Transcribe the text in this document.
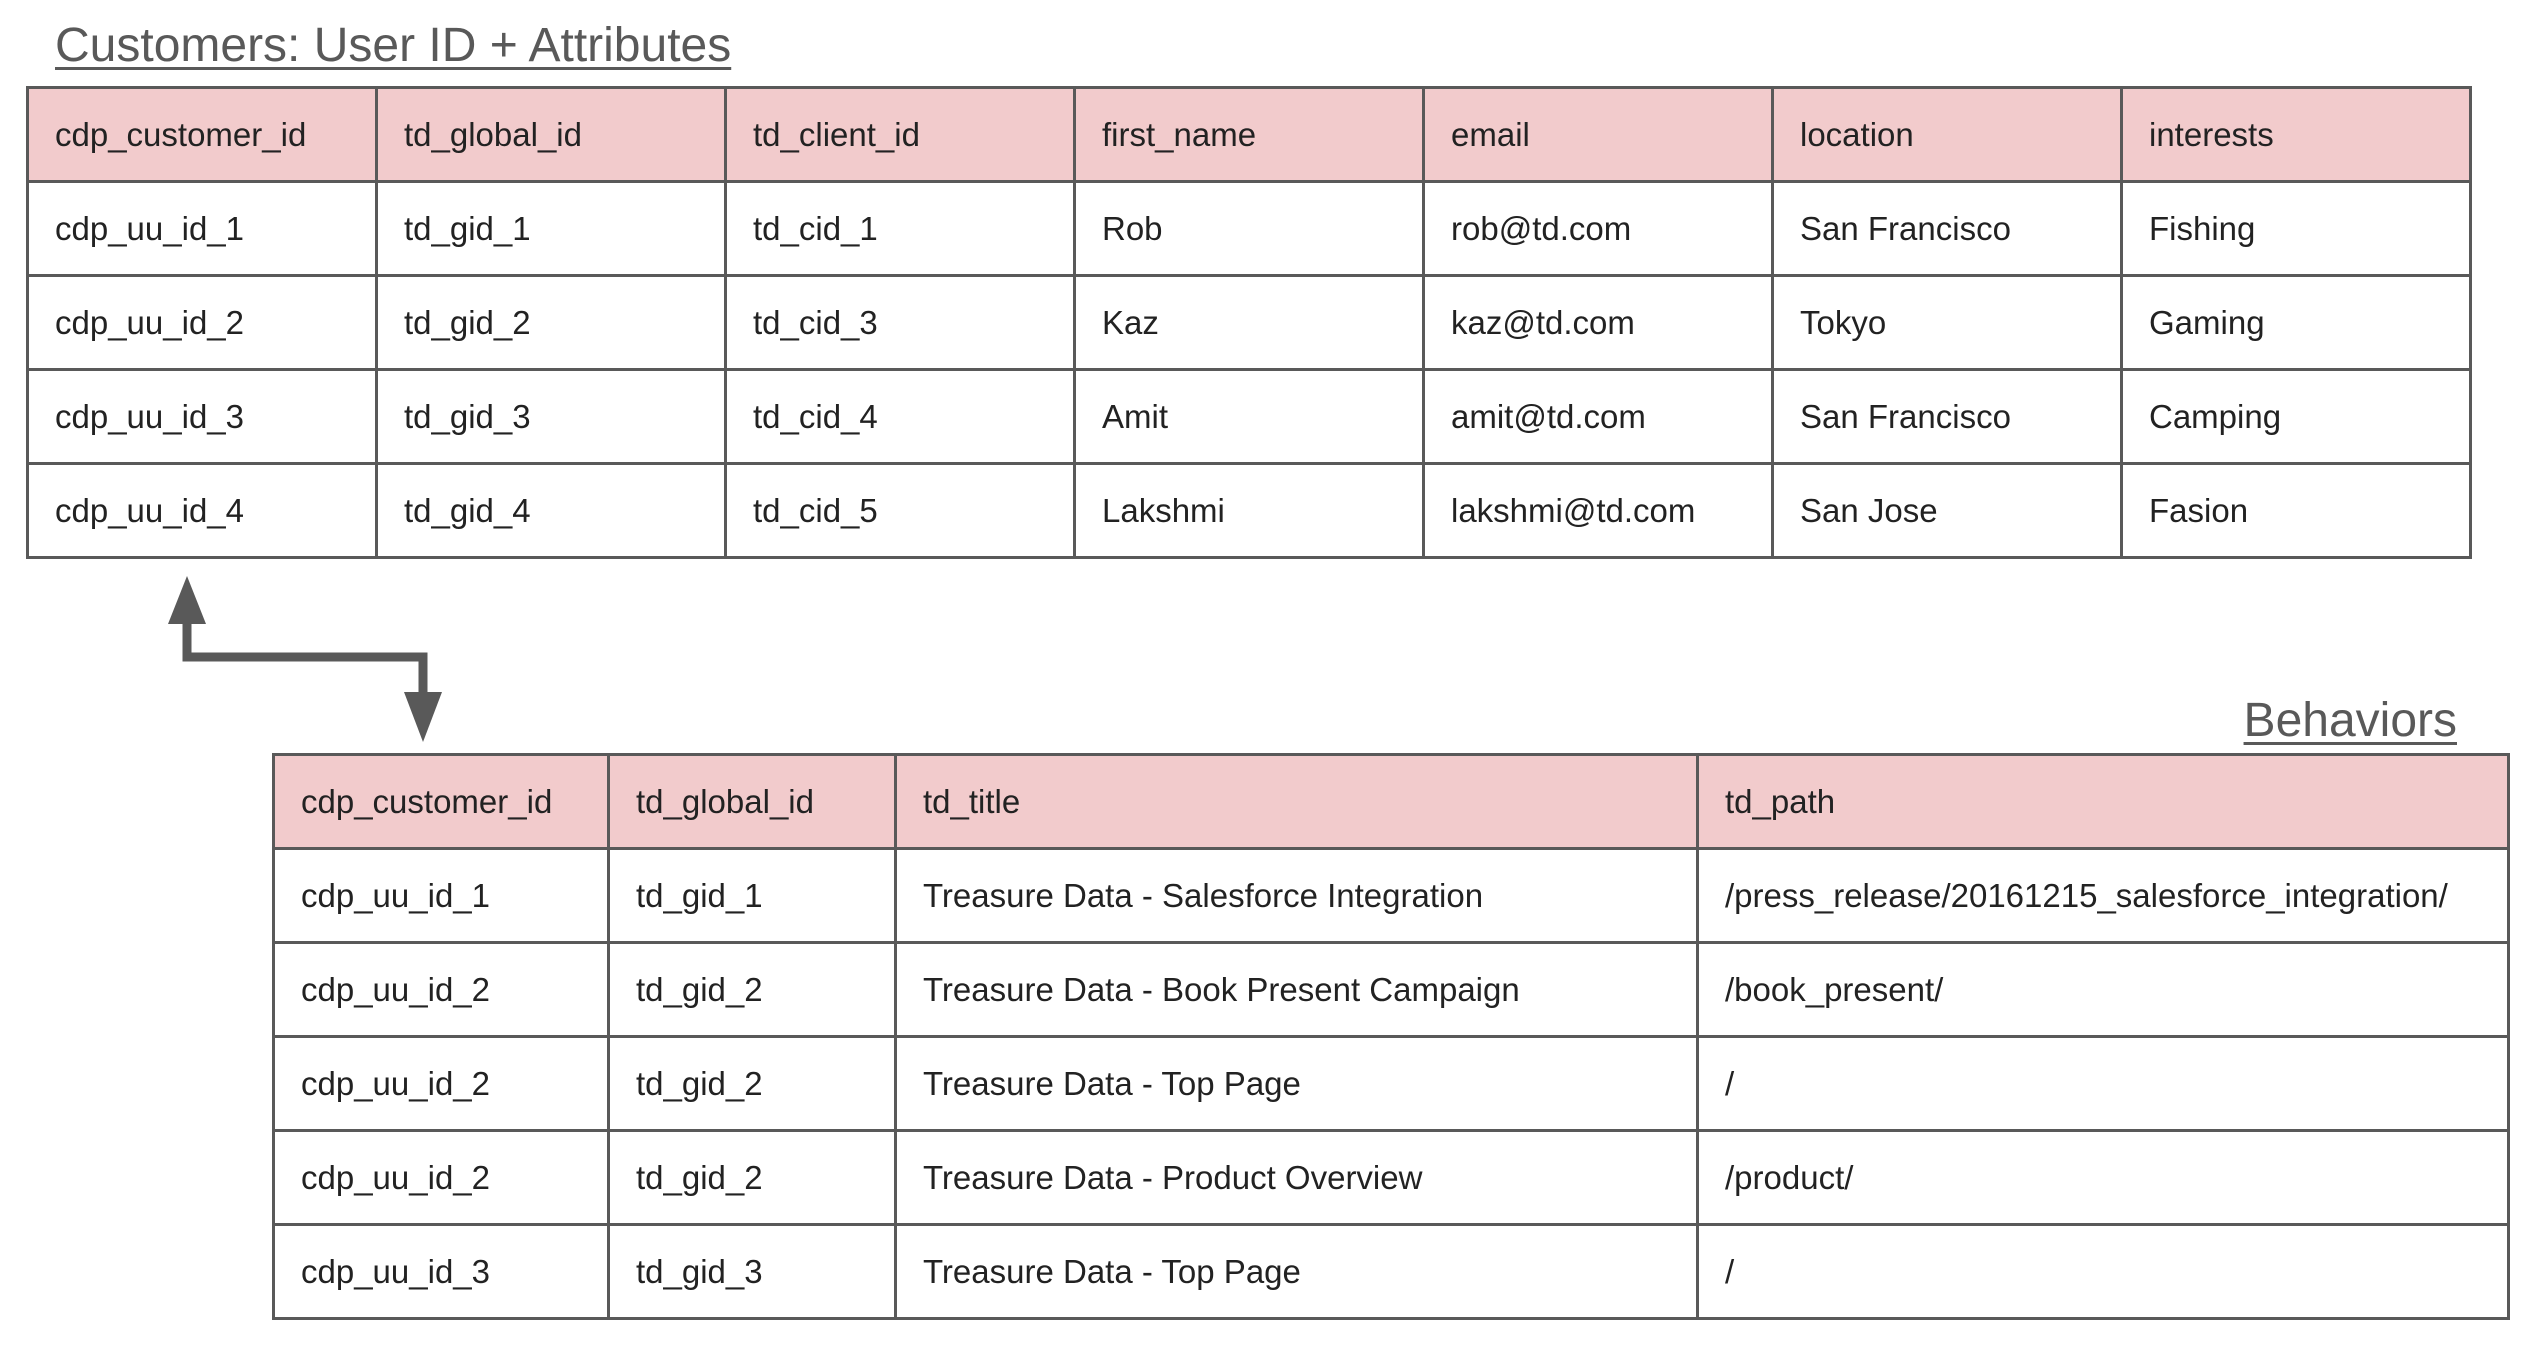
Customers: User ID + Attributes
cdp_customer_id	td_global_id	td_client_id	first_name	email	location	interests
cdp_uu_id_1	td_gid_1	td_cid_1	Rob	rob@td.com	San Francisco	Fishing
cdp_uu_id_2	td_gid_2	td_cid_3	Kaz	kaz@td.com	Tokyo	Gaming
cdp_uu_id_3	td_gid_3	td_cid_4	Amit	amit@td.com	San Francisco	Camping
cdp_uu_id_4	td_gid_4	td_cid_5	Lakshmi	lakshmi@td.com	San Jose	Fasion
Behaviors
cdp_customer_id	td_global_id	td_title	td_path
cdp_uu_id_1	td_gid_1	Treasure Data - Salesforce Integration	/press_release/20161215_salesforce_integration/
cdp_uu_id_2	td_gid_2	Treasure Data - Book Present Campaign	/book_present/
cdp_uu_id_2	td_gid_2	Treasure Data - Top Page	/
cdp_uu_id_2	td_gid_2	Treasure Data - Product Overview	/product/
cdp_uu_id_3	td_gid_3	Treasure Data - Top Page	/
